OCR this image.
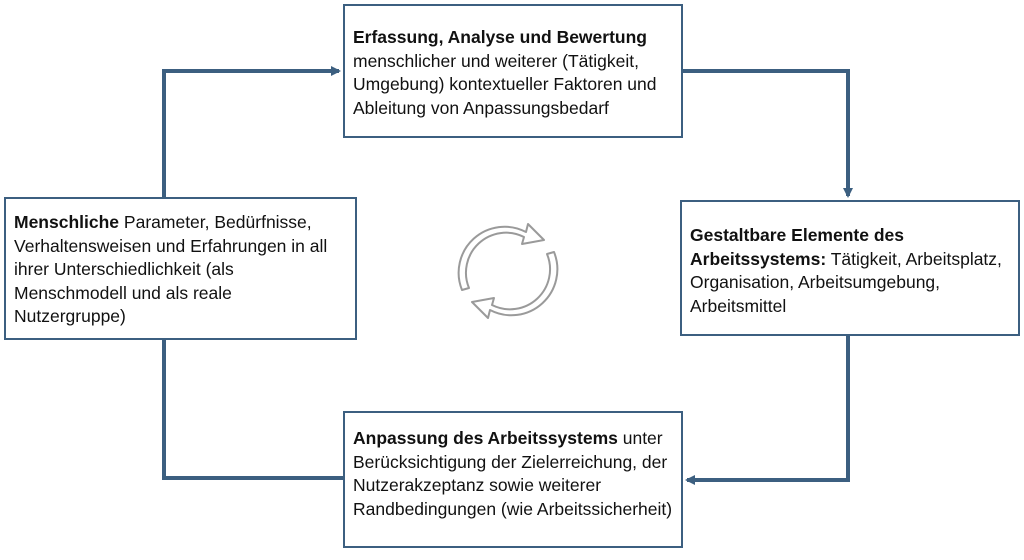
Erfassung, Analyse und Bewertung menschlicher und weiterer (Tätigkeit, Umgebung) kontextueller Faktoren und Ableitung von Anpassungsbedarf
Gestaltbare Elemente des Arbeitssystems: Tätigkeit, Arbeitsplatz, Organisation, Arbeitsumgebung, Arbeitsmittel
Anpassung des Arbeitssystems unter Berücksichtigung der Zielerreichung, der Nutzerakzeptanz sowie weiterer Randbedingungen (wie Arbeitssicherheit)
Menschliche Parameter, Bedürfnisse, Verhaltensweisen und Erfahrungen in all ihrer Unterschiedlichkeit (als Menschmodell und als reale Nutzergruppe)
